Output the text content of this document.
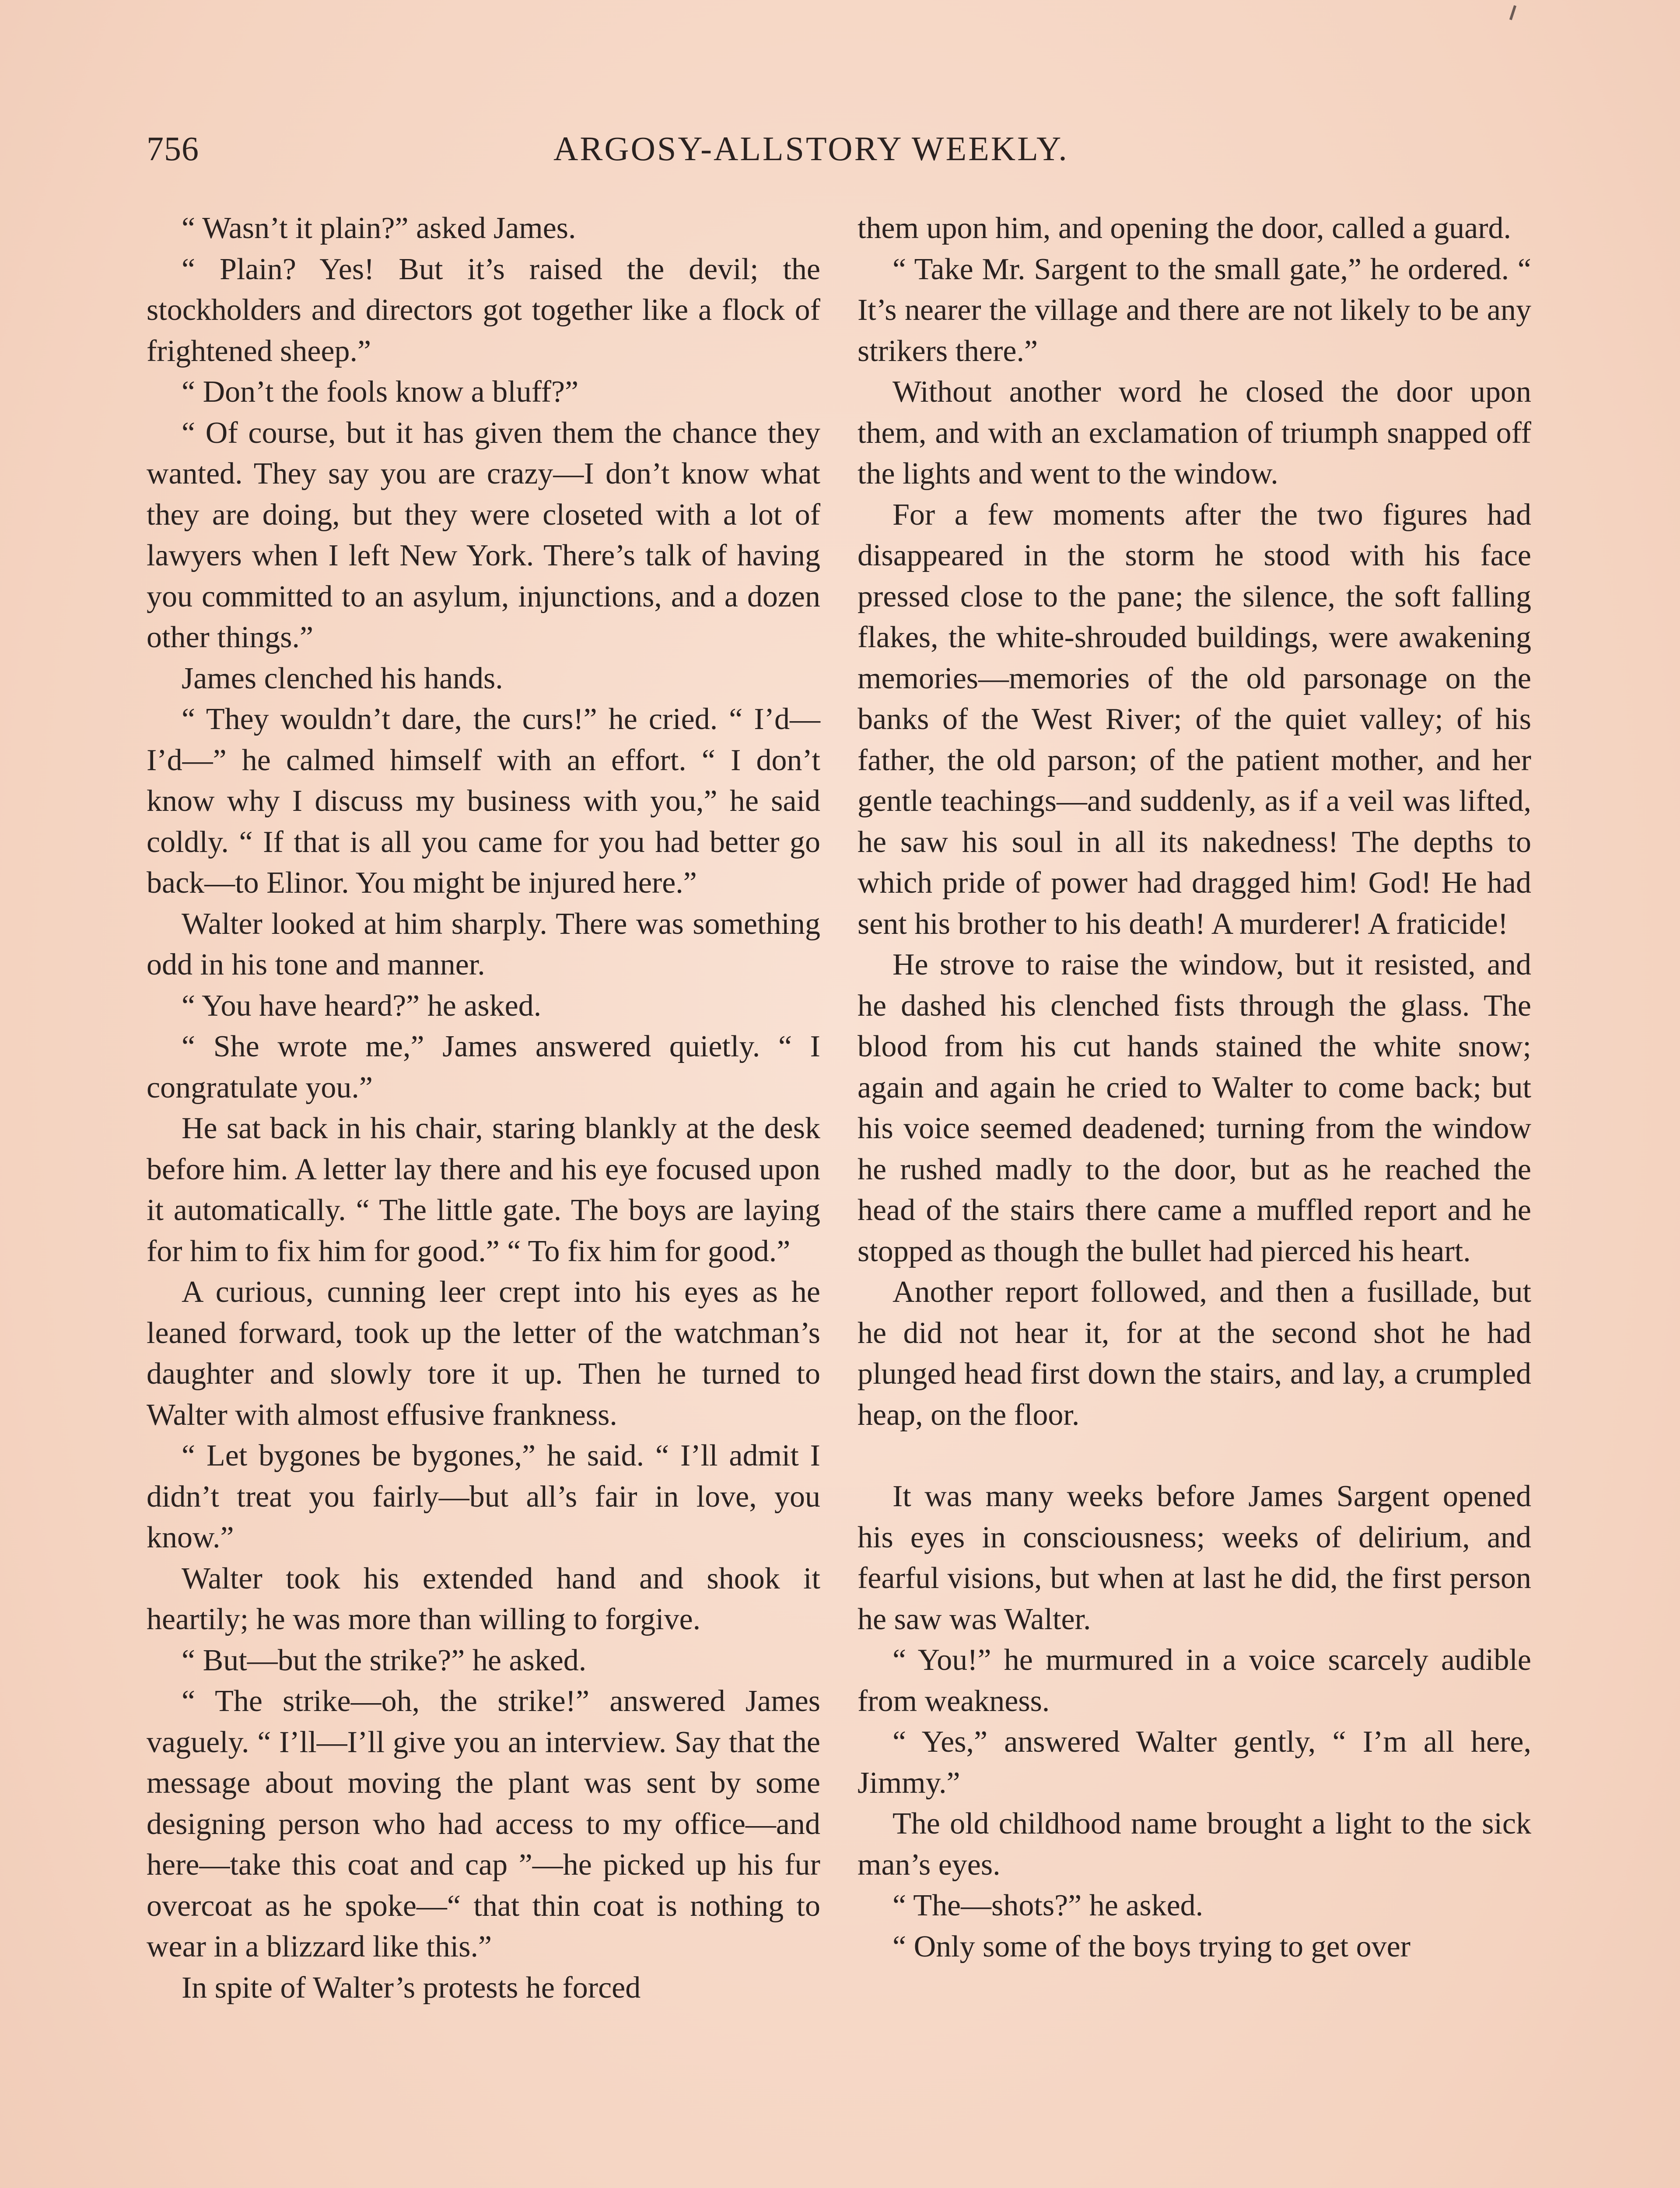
756	ARGOSY-ALLSTORY WEEKLY.

“ Wasn’t it plain?” asked James.

“ Plain? Yes! But it’s raised the devil; the stockholders and directors got together like a flock of frightened sheep.”

“ Don’t the fools know a bluff?”

“ Of course, but it has given them the chance they wanted. They say you are crazy—I don’t know what they are doing, but they were closeted with a lot of lawyers when I left New York. There’s talk of having you committed to an asylum, injunctions, and a dozen other things.”

James clenched his hands.

“ They wouldn’t dare, the curs!” he cried. “ I’d—I’d—” he calmed himself with an effort. “ I don’t know why I discuss my business with you,” he said coldly. “ If that is all you came for you had better go back—to Elinor. You might be injured here.”

Walter looked at him sharply. There was something odd in his tone and manner.

“ You have heard?” he asked.

“ She wrote me,” James answered quietly. “ I congratulate you.”

He sat back in his chair, staring blankly at the desk before him. A letter lay there and his eye focused upon it automatically. “ The little gate. The boys are laying for him to fix him for good.” “ To fix him for good.”

A curious, cunning leer crept into his eyes as he leaned forward, took up the letter of the watchman’s daughter and slowly tore it up. Then he turned to Walter with almost effusive frankness.

“ Let bygones be bygones,” he said. “ I’ll admit I didn’t treat you fairly—but all’s fair in love, you know.”

Walter took his extended hand and shook it heartily; he was more than willing to forgive.

“ But—but the strike?” he asked.

“ The strike—oh, the strike!” answered James vaguely. “ I’ll—I’ll give you an interview. Say that the message about moving the plant was sent by some designing person who had access to my office—and here—take this coat and cap ”—he picked up his fur overcoat as he spoke—“ that thin coat is nothing to wear in a blizzard like this.”

In spite of Walter’s protests he forced

them upon him, and opening the door, called a guard.

“ Take Mr. Sargent to the small gate,” he ordered. “ It’s nearer the village and there are not likely to be any strikers there.”

Without another word he closed the door upon them, and with an exclamation of triumph snapped off the lights and went to the window.

For a few moments after the two figures had disappeared in the storm he stood with his face pressed close to the pane; the silence, the soft falling flakes, the white-shrouded buildings, were awakening memories—memories of the old parsonage on the banks of the West River; of the quiet valley; of his father, the old parson; of the patient mother, and her gentle teachings—and suddenly, as if a veil was lifted, he saw his soul in all its nakedness! The depths to which pride of power had dragged him! God! He had sent his brother to his death! A murderer! A fraticide!

He strove to raise the window, but it resisted, and he dashed his clenched fists through the glass. The blood from his cut hands stained the white snow; again and again he cried to Walter to come back; but his voice seemed deadened; turning from the window he rushed madly to the door, but as he reached the head of the stairs there came a muffled report and he stopped as though the bullet had pierced his heart.

Another report followed, and then a fusillade, but he did not hear it, for at the second shot he had plunged head first down the stairs, and lay, a crumpled heap, on the floor.

It was many weeks before James Sargent opened his eyes in consciousness; weeks of delirium, and fearful visions, but when at last he did, the first person he saw was Walter.

“ You!” he murmured in a voice scarcely audible from weakness.

“ Yes,” answered Walter gently, “ I’m all here, Jimmy.”

The old childhood name brought a light to the sick man’s eyes.

“ The—shots?” he asked.

“ Only some of the boys trying to get over
